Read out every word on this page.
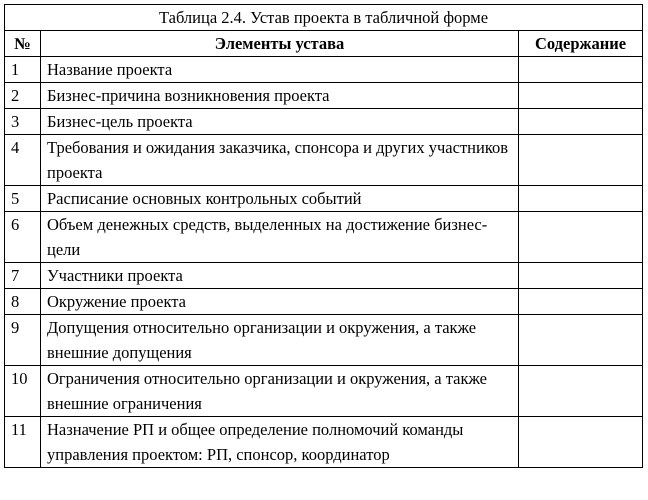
Таблица 2.4. Устав проекта в табличной форме		
№	Элементы устава	Содержание
1	Название проекта	
2	Бизнес-причина возникновения проекта	
3	Бизнес-цель проекта	
4	Требования и ожидания заказчика, спонсора и других участников проекта	
5	Расписание основных контрольных событий	
6	Объем денежных средств, выделенных на достижение бизнес-цели	
7	Участники проекта	
8	Окружение проекта	
9	Допущения относительно организации и окружения, а также внешние допущения	
10	Ограничения относительно организации и окружения, а также внешние ограничения	
11	Назначение РП и общее определение полномочий команды управления проектом: РП, спонсор, координатор	
